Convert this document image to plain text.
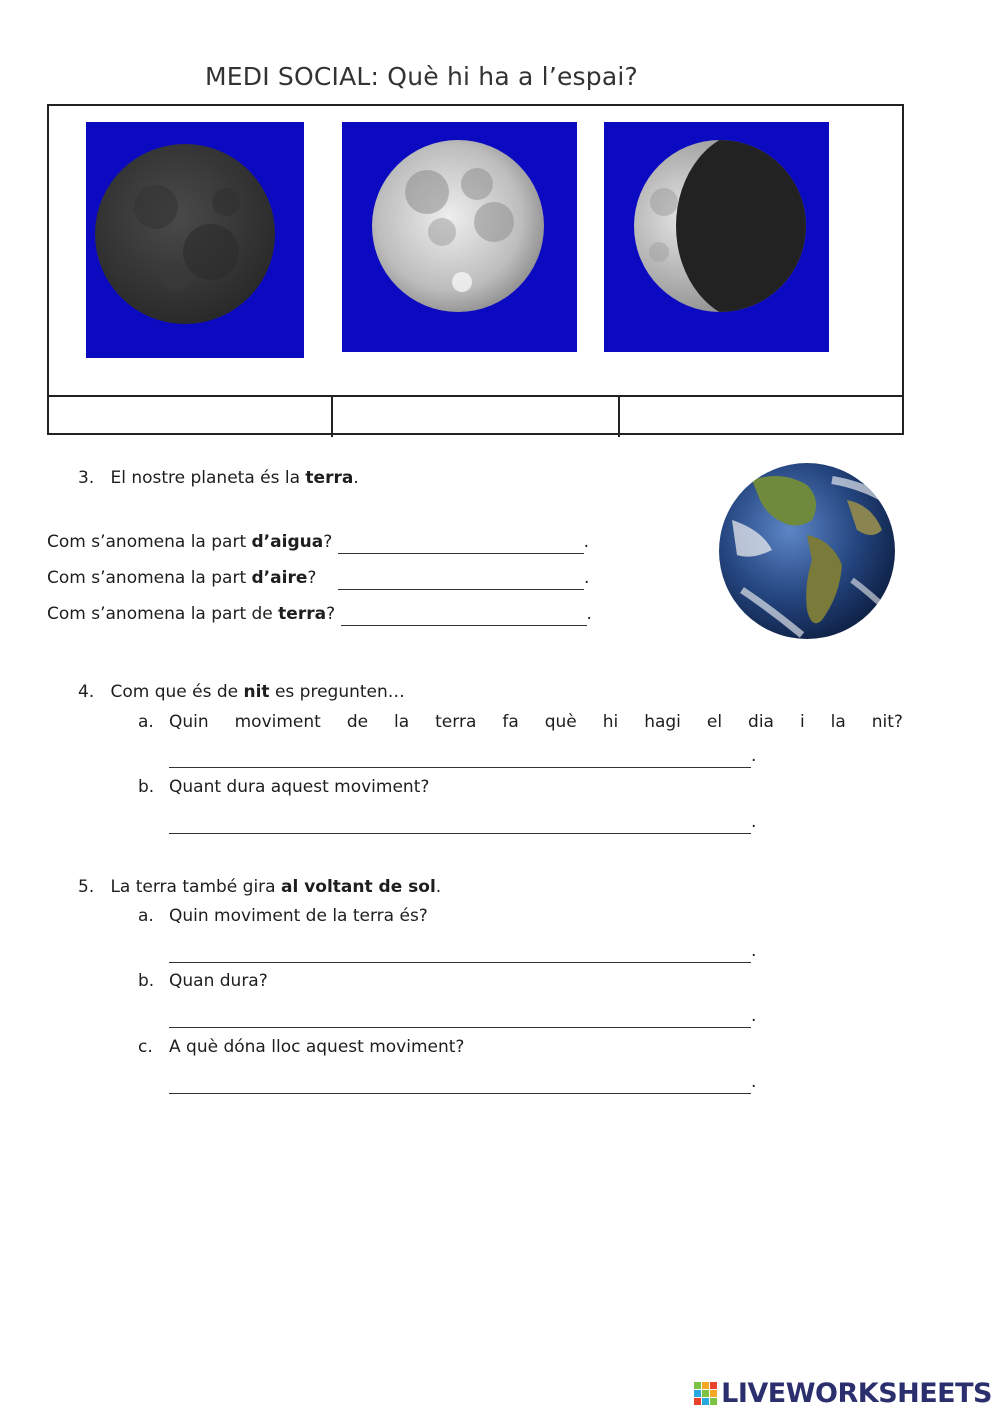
MEDI SOCIAL: Què hi ha a l’espai?
3. El nostre planeta és la terra.
Com s’anomena la part d’aigua?	.
Com s’anomena la part d’aire?	.
Com s’anomena la part de terra?	.
4. Com que és de nit es pregunten…
a. Quin moviment de la terra fa què hi hagi el dia i la nit?
.
b. Quant dura aquest moviment?
.
5. La terra també gira al voltant de sol.
a. Quin moviment de la terra és?
.
b. Quan dura?
.
c. A què dóna lloc aquest moviment?
.
LIVEWORKSHEETS
